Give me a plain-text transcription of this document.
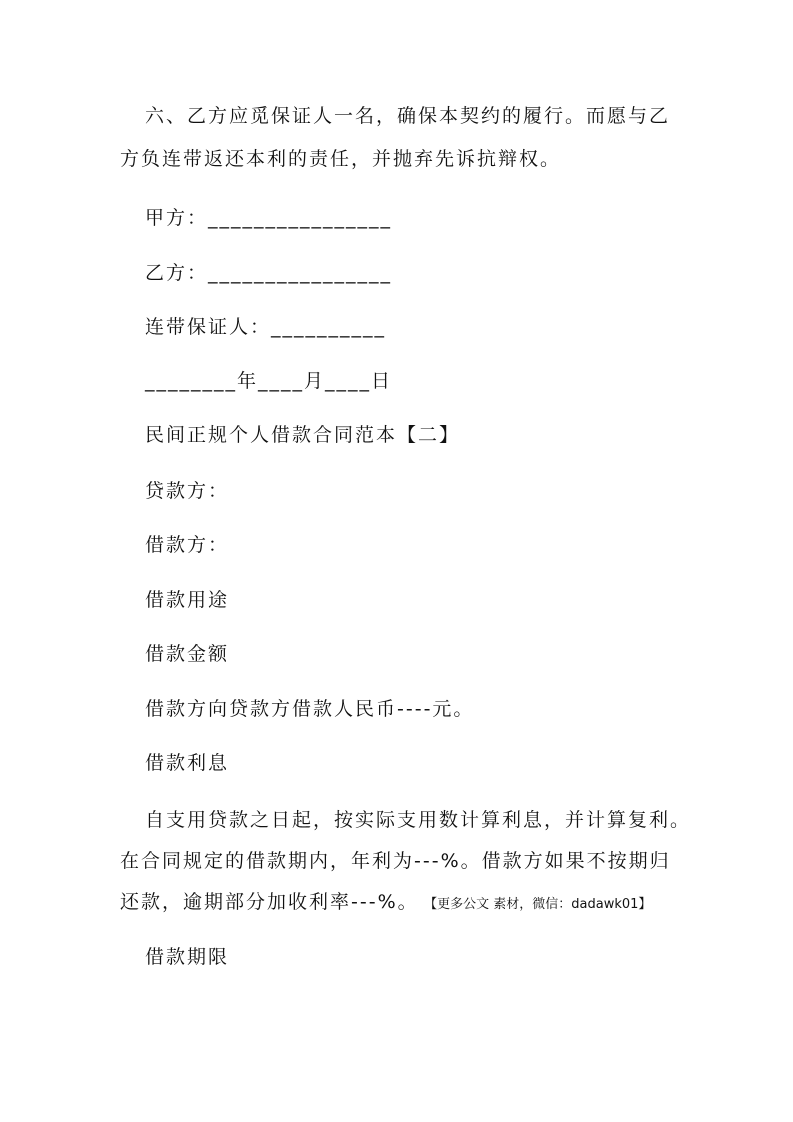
六、乙方应觅保证人一名，确保本契约的履行。而愿与乙
方负连带返还本利的责任，并抛弃先诉抗辩权。
甲方：________________
乙方：________________
连带保证人：__________
________年____月____日
民间正规个人借款合同范本【二】
贷款方：
借款方：
借款用途
借款金额
借款方向贷款方借款人民币----元。
借款利息
自支用贷款之日起，按实际支用数计算利息，并计算复利。
在合同规定的借款期内，年利为---%。借款方如果不按期归
还款，逾期部分加收利率---%。 【更多公文 素材，微信：dadawk01】
借款期限
